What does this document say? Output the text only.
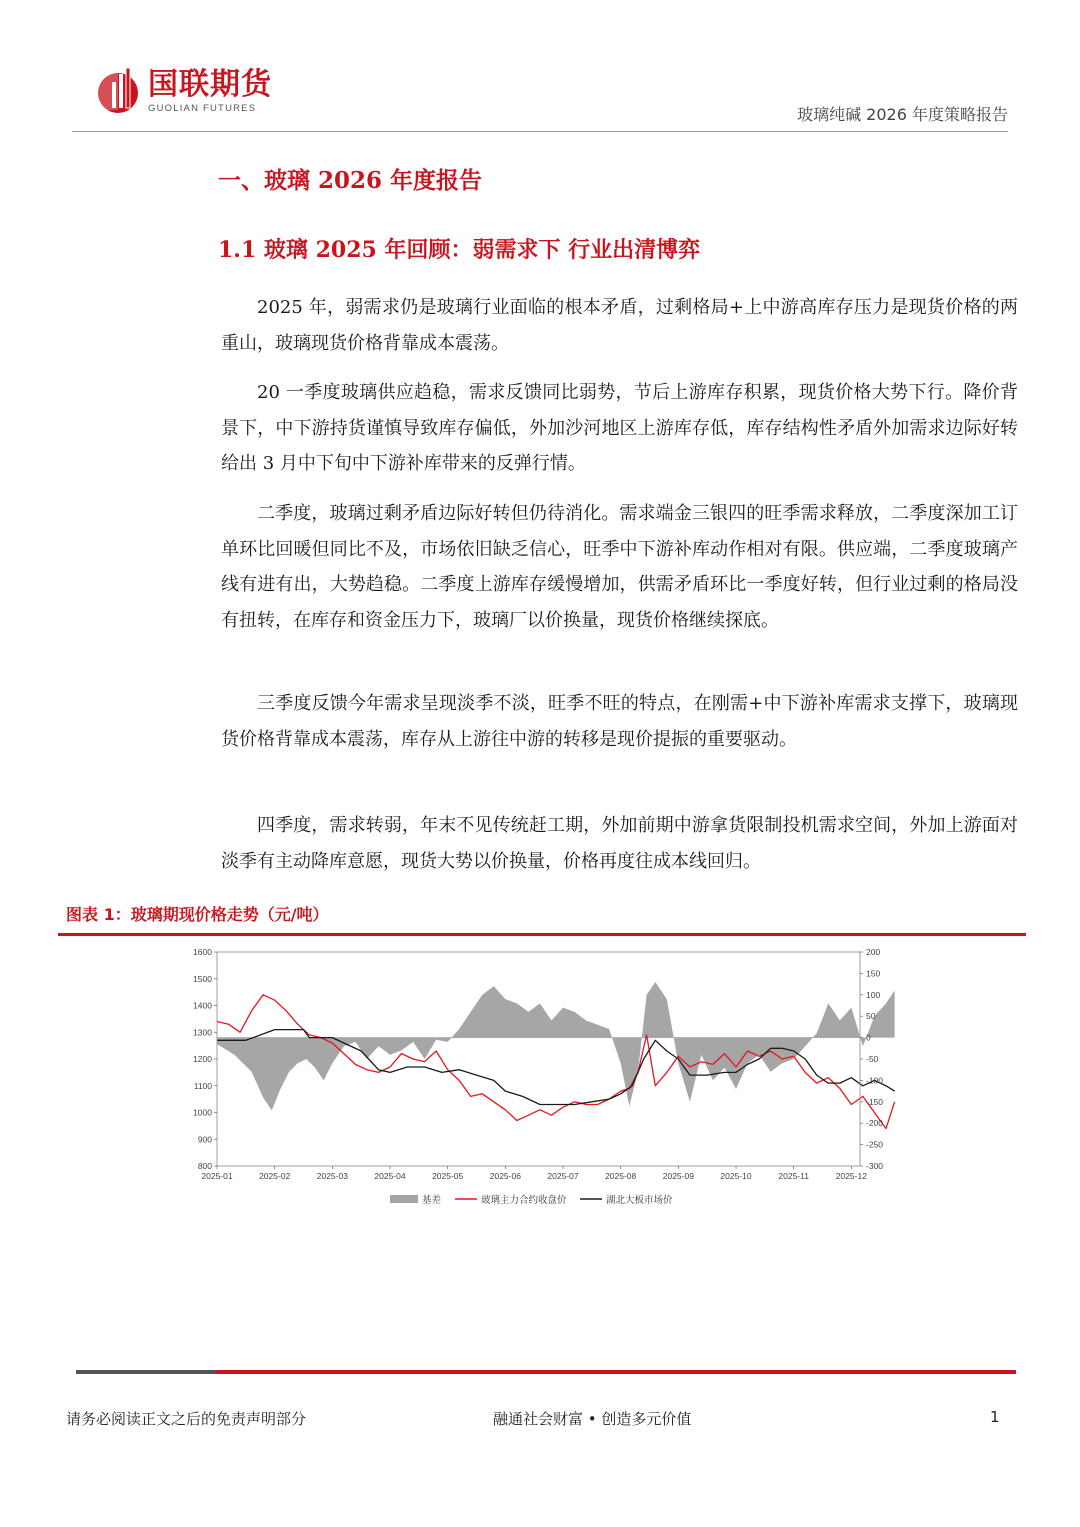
国联期货
GUOLIAN FUTURES	玻璃纯碱 2026 年度策略报告
一、玻璃 2026 年度报告
1.1 玻璃 2025 年回顾：弱需求下 行业出清博弈

2025 年，弱需求仍是玻璃行业面临的根本矛盾，过剩格局+上中游高库存压力是现货价格的两重山，玻璃现货价格背靠成本震荡。

20 一季度玻璃供应趋稳，需求反馈同比弱势，节后上游库存积累，现货价格大势下行。降价背景下，中下游持货谨慎导致库存偏低，外加沙河地区上游库存低，库存结构性矛盾外加需求边际好转给出 3 月中下旬中下游补库带来的反弹行情。

二季度，玻璃过剩矛盾边际好转但仍待消化。需求端金三银四的旺季需求释放，二季度深加工订单环比回暖但同比不及，市场依旧缺乏信心，旺季中下游补库动作相对有限。供应端，二季度玻璃产线有进有出，大势趋稳。二季度上游库存缓慢增加，供需矛盾环比一季度好转，但行业过剩的格局没有扭转，在库存和资金压力下，玻璃厂以价换量，现货价格继续探底。

三季度反馈今年需求呈现淡季不淡，旺季不旺的特点，在刚需+中下游补库需求支撑下，玻璃现货价格背靠成本震荡，库存从上游往中游的转移是现价提振的重要驱动。

四季度，需求转弱，年末不见传统赶工期，外加前期中游拿货限制投机需求空间，外加上游面对淡季有主动降库意愿，现货大势以价换量，价格再度往成本线回归。

图表 1：玻璃期现价格走势（元/吨）
800
900
1000
1100
1200
1300
1400
1500
1600
-300
-250
-200
-150
-100
-50
0
50
100
150
200
2025-01	2025-02	2025-03	2025-04	2025-05	2025-06	2025-07	2025-08	2025-09	2025-10	2025-11	2025-12
基差	玻璃主力合约收盘价	湖北大板市场价
请务必阅读正文之后的免责声明部分	融通社会财富 • 创造多元价值	1
